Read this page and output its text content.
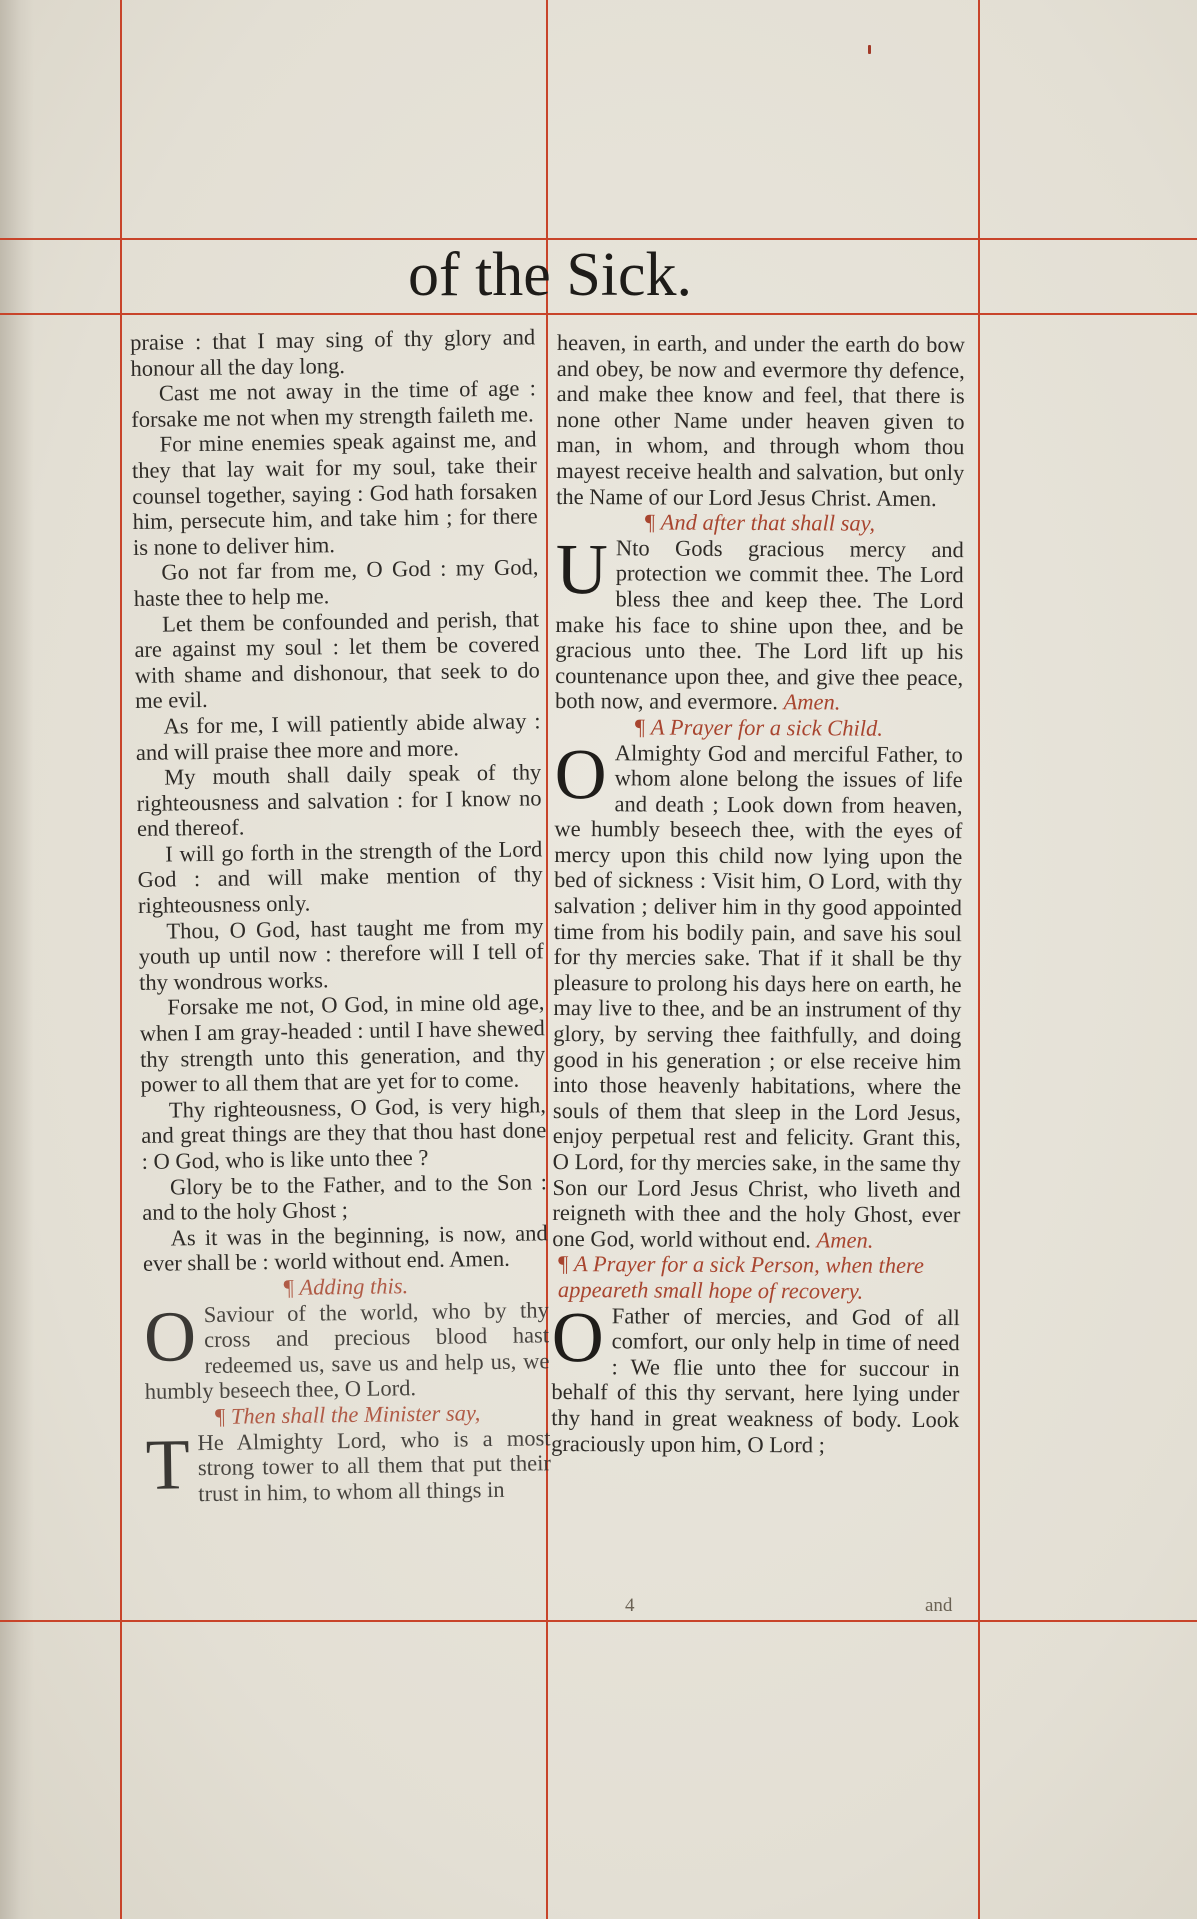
of the Sick.

praise : that I may sing of thy glory and honour all the day long.

Cast me not away in the time of age : forsake me not when my strength faileth me.

For mine enemies speak against me, and they that lay wait for my soul, take their counsel together, saying : God hath forsaken him, persecute him, and take him ; for there is none to deliver him.

Go not far from me, O God : my God, haste thee to help me.

Let them be confounded and perish, that are against my soul : let them be covered with shame and dishonour, that seek to do me evil.

As for me, I will patiently abide alway : and will praise thee more and more.

My mouth shall daily speak of thy righteousness and salvation : for I know no end thereof.

I will go forth in the strength of the Lord God : and will make mention of thy righteousness only.

Thou, O God, hast taught me from my youth up until now : therefore will I tell of thy wondrous works.

Forsake me not, O God, in mine old age, when I am gray-headed : until I have shewed thy strength unto this generation, and thy power to all them that are yet for to come.

Thy righteousness, O God, is very high, and great things are they that thou hast done : O God, who is like unto thee ?

Glory be to the Father, and to the Son : and to the holy Ghost ;

As it was in the beginning, is now, and ever shall be : world without end. Amen.

¶ Adding this.

O Saviour of the world, who by thy cross and precious blood hast redeemed us, save us and help us, we humbly beseech thee, O Lord.

¶ Then shall the Minister say,

T He Almighty Lord, who is a most strong tower to all them that put their trust in him, to whom all things in

heaven, in earth, and under the earth do bow and obey, be now and evermore thy defence, and make thee know and feel, that there is none other Name under heaven given to man, in whom, and through whom thou mayest receive health and salvation, but only the Name of our Lord Jesus Christ. Amen.

¶ And after that shall say,

U Nto Gods gracious mercy and protection we commit thee. The Lord bless thee and keep thee. The Lord make his face to shine upon thee, and be gracious unto thee. The Lord lift up his countenance upon thee, and give thee peace, both now, and evermore. Amen.

¶ A Prayer for a sick Child.

O Almighty God and merciful Father, to whom alone belong the issues of life and death ; Look down from heaven, we humbly beseech thee, with the eyes of mercy upon this child now lying upon the bed of sickness : Visit him, O Lord, with thy salvation ; deliver him in thy good appointed time from his bodily pain, and save his soul for thy mercies sake. That if it shall be thy pleasure to prolong his days here on earth, he may live to thee, and be an instrument of thy glory, by serving thee faithfully, and doing good in his generation ; or else receive him into those heavenly habitations, where the souls of them that sleep in the Lord Jesus, enjoy perpetual rest and felicity. Grant this, O Lord, for thy mercies sake, in the same thy Son our Lord Jesus Christ, who liveth and reigneth with thee and the holy Ghost, ever one God, world without end. Amen.

¶ A Prayer for a sick Person, when there appeareth small hope of recovery.

O Father of mercies, and God of all comfort, our only help in time of need : We flie unto thee for succour in behalf of this thy servant, here lying under thy hand in great weakness of body. Look graciously upon him, O Lord ;

4	and
